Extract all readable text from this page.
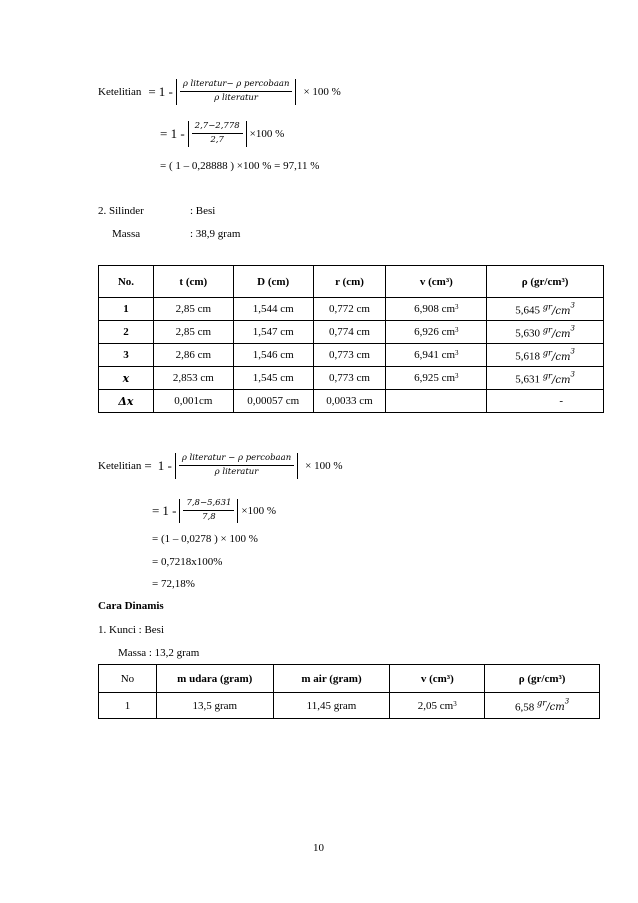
Ketelitian = $1 - \frac{\text{ρ literatur− ρ percobaan}}{\text{ρ literatur}} \times 100$ %
= $1 - \frac{2,7-2,778}{2,7} \times 100$ %
= ( 1 – 0,28888 ) ×100 % = 97,11 %
2. Silinder	: Besi
Massa	: 38,9 gram
No.	t (cm)	D (cm)	r (cm)	v (cm³)	ρ (gr/cm³)
1	2,85 cm	1,544 cm	0,772 cm	6,908 $cm^3$	5,645 $^{gr}/cm^3$
2	2,85 cm	1,547 cm	0,774 cm	6,926 $cm^3$	5,630 $^{gr}/cm^3$
3	2,86 cm	1,546 cm	0,773 cm	6,941 $cm^3$	5,618 $^{gr}/cm^3$
x	2,853 cm	1,545 cm	0,773 cm	6,925 $cm^3$	5,631 $^{gr}/cm^3$
Δx	0,001cm	0,00057 cm	0,0033 cm		-
Ketelitian = $1 - \frac{\text{ρ literatur − ρ percobaan}}{\text{ρ literatur}} \times 100$ %
= $1 - \frac{7,8-5,631}{7,8} \times 100$ %
= (1 – 0,0278 ) × 100 %
= 0,7218x100%
= 72,18%
Cara Dinamis
1. Kunci : Besi
Massa : 13,2 gram
No	m udara (gram)	m air (gram)	v (cm³)	ρ (gr/cm³)
1	13,5 gram	11,45 gram	2,05 $cm^3$	6,58 $^{gr}/cm^3$
10
